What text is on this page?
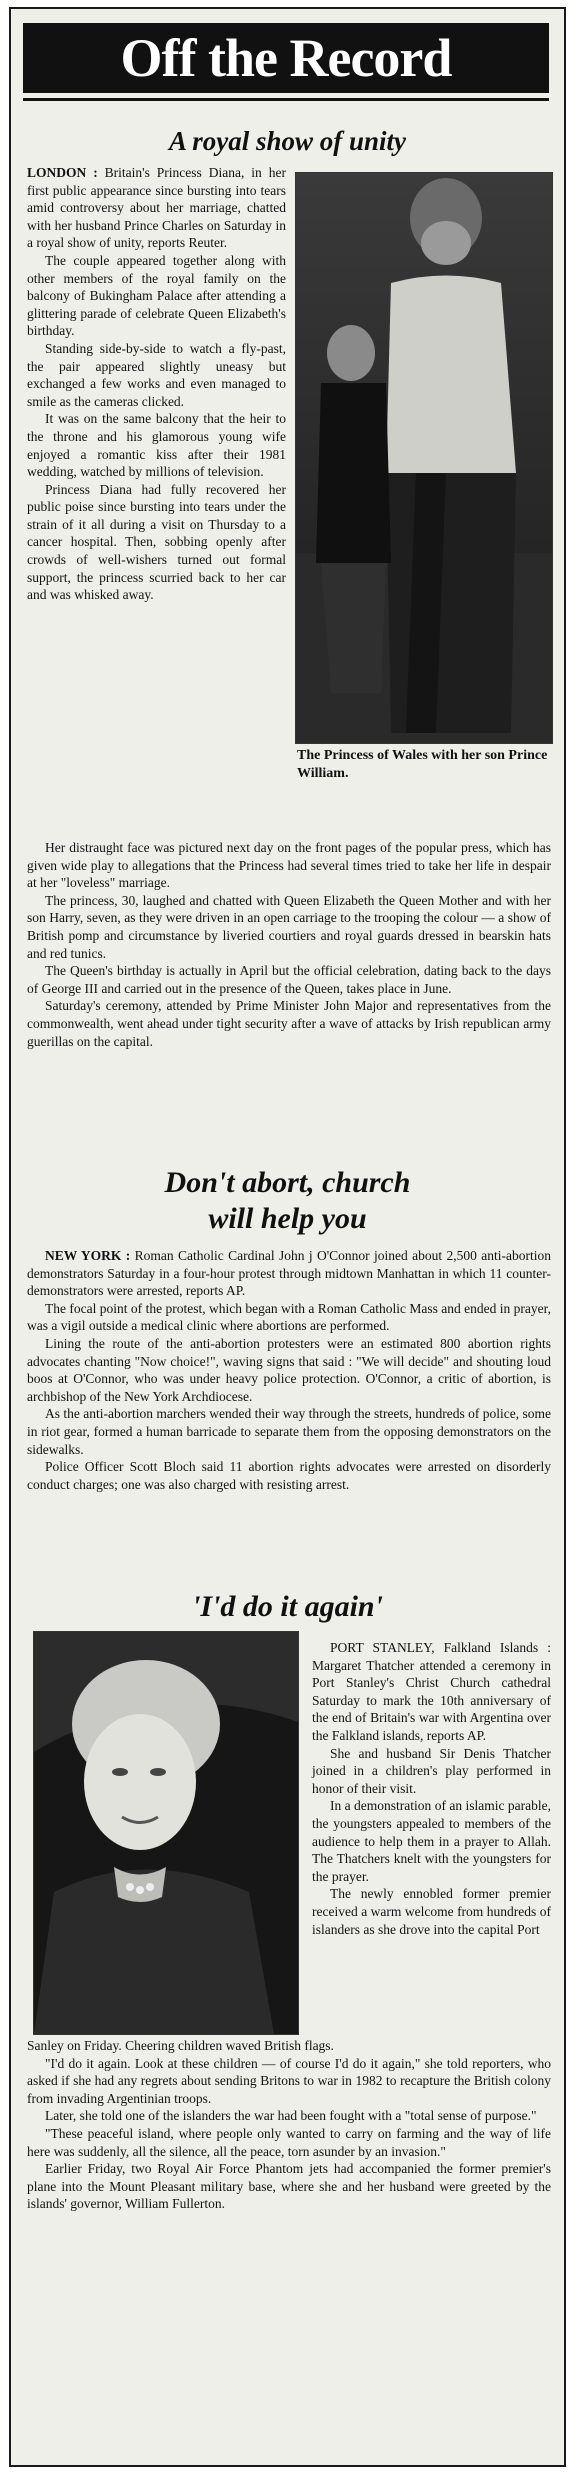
Off the Record
A royal show of unity

LONDON : Britain's Princess Diana, in her first public appearance since bursting into tears amid controversy about her marriage, chatted with her husband Prince Charles on Saturday in a royal show of unity, reports Reuter.

The couple appeared together along with other members of the royal family on the balcony of Bukingham Palace after attending a glittering parade of celebrate Queen Elizabeth's birthday.

Standing side-by-side to watch a fly-past, the pair appeared slightly uneasy but exchanged a few works and even managed to smile as the cameras clicked.

It was on the same balcony that the heir to the throne and his glamorous young wife enjoyed a romantic kiss after their 1981 wedding, watched by millions of television.

Princess Diana had fully recovered her public poise since bursting into tears under the strain of it all during a visit on Thursday to a cancer hospital. Then, sobbing openly after crowds of well-wishers turned out formal support, the princess scurried back to her car and was whisked away.

The Princess of Wales with her son Prince William.

Her distraught face was pictured next day on the front pages of the popular press, which has given wide play to allegations that the Princess had several times tried to take her life in despair at her "loveless" marriage.

The princess, 30, laughed and chatted with Queen Elizabeth the Queen Mother and with her son Harry, seven, as they were driven in an open carriage to the trooping the colour — a show of British pomp and circumstance by liveried courtiers and royal guards dressed in bearskin hats and red tunics.

The Queen's birthday is actually in April but the official celebration, dating back to the days of George III and carried out in the presence of the Queen, takes place in June.

Saturday's ceremony, attended by Prime Minister John Major and representatives from the commonwealth, went ahead under tight security after a wave of attacks by Irish republican army guerillas on the capital.

Don't abort, church
will help you

NEW YORK : Roman Catholic Cardinal John j O'Connor joined about 2,500 anti-abortion demonstrators Saturday in a four-hour protest through midtown Manhattan in which 11 counter-demonstrators were arrested, reports AP.

The focal point of the protest, which began with a Roman Catholic Mass and ended in prayer, was a vigil outside a medical clinic where abortions are performed.

Lining the route of the anti-abortion protesters were an estimated 800 abortion rights advocates chanting "Now choice!", waving signs that said : "We will decide" and shouting loud boos at O'Connor, who was under heavy police protection. O'Connor, a critic of abortion, is archbishop of the New York Archdiocese.

As the anti-abortion marchers wended their way through the streets, hundreds of police, some in riot gear, formed a human barricade to separate them from the opposing demonstrators on the sidewalks.

Police Officer Scott Bloch said 11 abortion rights advocates were arrested on disorderly conduct charges; one was also charged with resisting arrest.

'I'd do it again'

PORT STANLEY, Falkland Islands : Margaret Thatcher attended a ceremony in Port Stanley's Christ Church cathedral Saturday to mark the 10th anniversary of the end of Britain's war with Argentina over the Falkland islands, reports AP.

She and husband Sir Denis Thatcher joined in a children's play performed in honor of their visit.

In a demonstration of an islamic parable, the youngsters appealed to members of the audience to help them in a prayer to Allah. The Thatchers knelt with the youngsters for the prayer.

The newly ennobled former premier received a warm welcome from hundreds of islanders as she drove into the capital Port

Sanley on Friday. Cheering children waved British flags.

"I'd do it again. Look at these children — of course I'd do it again," she told reporters, who asked if she had any regrets about sending Britons to war in 1982 to recapture the British colony from invading Argentinian troops.

Later, she told one of the islanders the war had been fought with a "total sense of purpose."

"These peaceful island, where people only wanted to carry on farming and the way of life here was suddenly, all the silence, all the peace, torn asunder by an invasion."

Earlier Friday, two Royal Air Force Phantom jets had accompanied the former premier's plane into the Mount Pleasant military base, where she and her husband were greeted by the islands' governor, William Fullerton.
